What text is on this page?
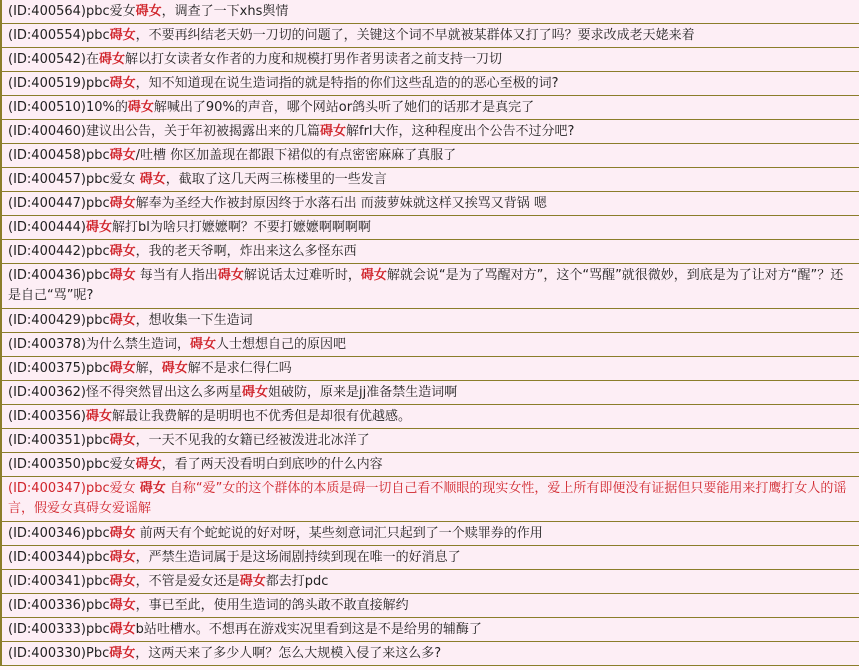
(ID:400564)pbc爱女碍女，调查了一下xhs舆情
(ID:400554)pbc碍女，不要再纠结老天奶一刀切的问题了，关键这个词不早就被某群体又打了吗？要求改成老天姥来着
(ID:400542)在碍女解以打女读者女作者的力度和规模打男作者男读者之前支持一刀切
(ID:400519)pbc碍女，知不知道现在说生造词指的就是特指的你们这些乱造的的恶心至极的词?
(ID:400510)10%的碍女解喊出了90%的声音，哪个网站or鸽头听了她们的话那才是真完了
(ID:400460)建议出公告，关于年初被揭露出来的几篇碍女解frl大作，这种程度出个公告不过分吧?
(ID:400458)pbc碍女/吐槽 你区加盖现在都跟下裙似的有点密密麻麻了真服了
(ID:400457)pbc爱女 碍女，截取了这几天两三栋楼里的一些发言
(ID:400447)pbc碍女解奉为圣经大作被封原因终于水落石出 而菠萝妹就这样又挨骂又背锅 嗯
(ID:400444)碍女解打bl为啥只打嬷嬷啊？不要打嬷嬷啊啊啊啊
(ID:400442)pbc碍女，我的老天爷啊，炸出来这么多怪东西
(ID:400436)pbc碍女 每当有人指出碍女解说话太过难听时，碍女解就会说“是为了骂醒对方”，这个“骂醒”就很微妙，到底是为了让对方“醒”？还是自己“骂”呢?
(ID:400429)pbc碍女，想收集一下生造词
(ID:400378)为什么禁生造词，碍女人士想想自己的原因吧
(ID:400375)pbc碍女解，碍女解不是求仁得仁吗
(ID:400362)怪不得突然冒出这么多两星碍女姐破防，原来是jj准备禁生造词啊
(ID:400356)碍女解最让我费解的是明明也不优秀但是却很有优越感。
(ID:400351)pbc碍女，一天不见我的女籍已经被泼进北冰洋了
(ID:400350)pbc爱女碍女，看了两天没看明白到底吵的什么内容
(ID:400347)pbc爱女 碍女 自称“爱”女的这个群体的本质是碍一切自己看不顺眼的现实女性，爱上所有即便没有证据但只要能用来打鹰打女人的谣言，假爱女真碍女爱谣解
(ID:400346)pbc碍女 前两天有个蛇蛇说的好对呀，某些刻意词汇只起到了一个赎罪券的作用
(ID:400344)pbc碍女，严禁生造词属于是这场闹剧持续到现在唯一的好消息了
(ID:400341)pbc碍女，不管是爱女还是碍女都去打pdc
(ID:400336)pbc碍女，事已至此，使用生造词的鸽头敢不敢直接解约
(ID:400333)pbc碍女b站吐槽水。不想再在游戏实况里看到这是不是给男的辅酶了
(ID:400330)Pbc碍女，这两天来了多少人啊？怎么大规模入侵了来这么多?
